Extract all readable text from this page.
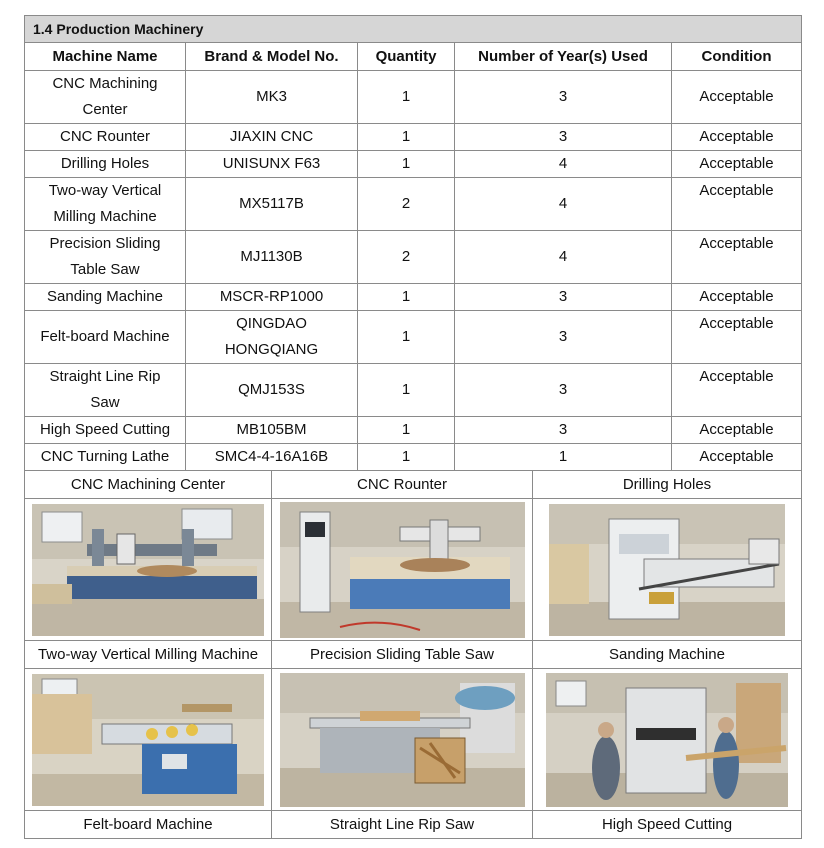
1.4 Production Machinery				
Machine Name	Brand & Model No.	Quantity	Number of Year(s) Used	Condition
CNC Machining Center	MK3	1	3	Acceptable
CNC Rounter	JIAXIN CNC	1	3	Acceptable
Drilling Holes	UNISUNX F63	1	4	Acceptable
Two-way Vertical Milling Machine	MX5117B	2	4	Acceptable
Precision Sliding Table Saw	MJ1130B	2	4	Acceptable
Sanding Machine	MSCR-RP1000	1	3	Acceptable
Felt-board Machine	QINGDAO HONGQIANG	1	3	Acceptable
Straight Line Rip Saw	QMJ153S	1	3	Acceptable
High Speed Cutting	MB105BM	1	3	Acceptable
CNC Turning Lathe	SMC4-4-16A16B	1	1	Acceptable
CNC Machining Center	CNC Rounter	Drilling Holes

Two-way Vertical Milling Machine	Precision Sliding Table Saw	Sanding Machine

Felt-board Machine	Straight Line Rip Saw	High Speed Cutting
